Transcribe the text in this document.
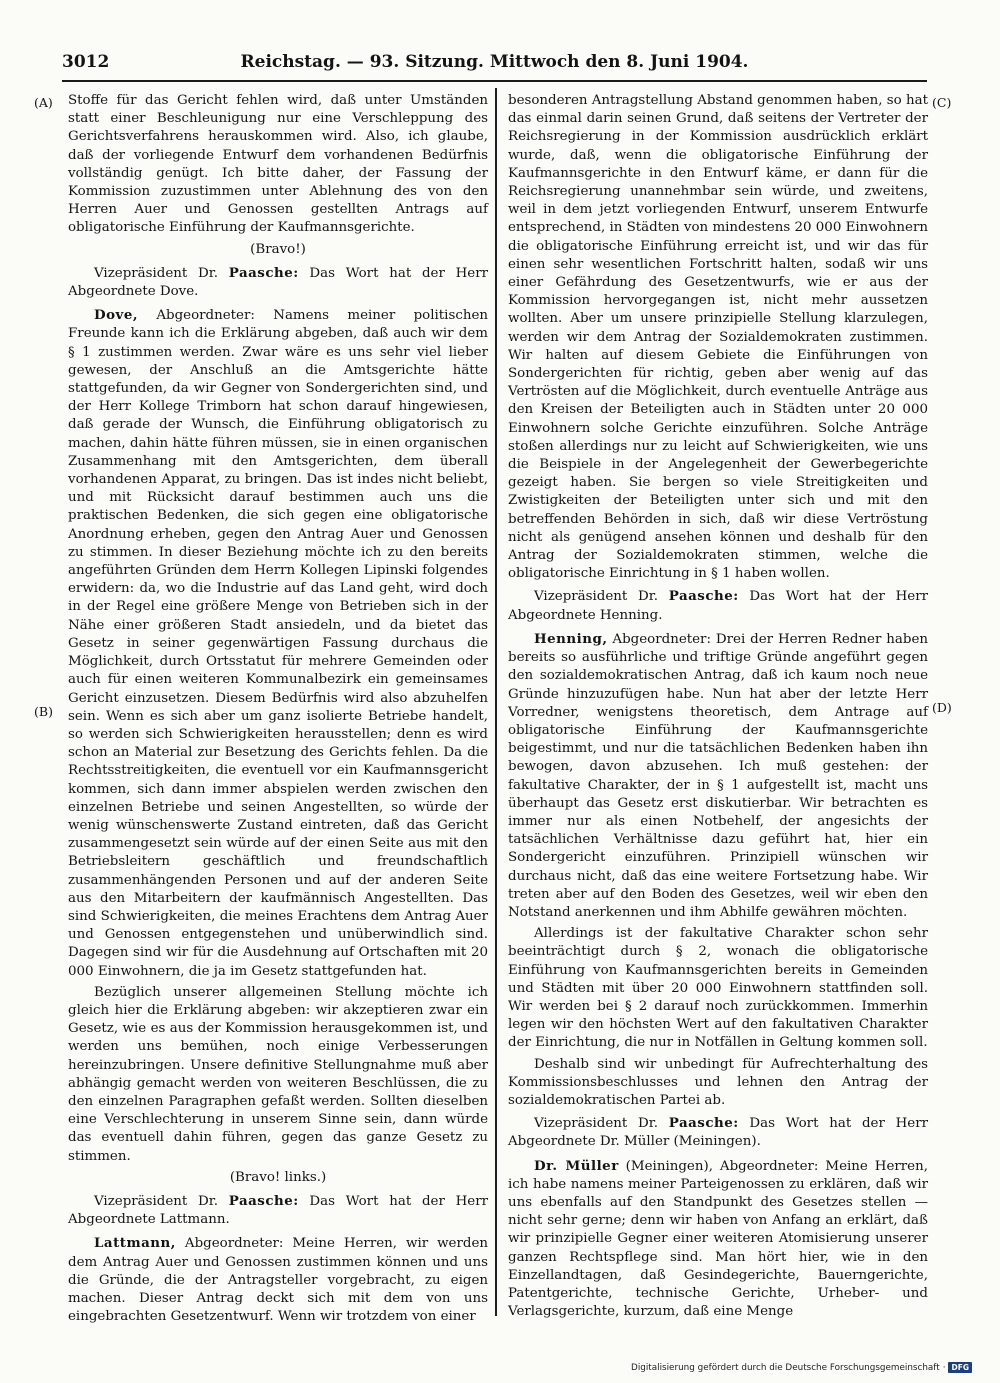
3012	Reichstag. — 93. Sitzung. Mittwoch den 8. Juni 1904.
(A)
(B)
(C)
(D)

Stoffe für das Gericht fehlen wird, daß unter Umständen statt einer Beschleunigung nur eine Verschleppung des Gerichtsverfahrens herauskommen wird. Also, ich glaube, daß der vorliegende Entwurf dem vorhandenen Bedürfnis vollständig genügt. Ich bitte daher, der Fassung der Kommission zuzustimmen unter Ablehnung des von den Herren Auer und Genossen gestellten Antrags auf obligatorische Einführung der Kaufmannsgerichte.

(Bravo!)

Vizepräsident Dr. Paasche: Das Wort hat der Herr Abgeordnete Dove.

Dove, Abgeordneter: Namens meiner politischen Freunde kann ich die Erklärung abgeben, daß auch wir dem § 1 zustimmen werden. Zwar wäre es uns sehr viel lieber gewesen, der Anschluß an die Amtsgerichte hätte stattgefunden, da wir Gegner von Sondergerichten sind, und der Herr Kollege Trimborn hat schon darauf hingewiesen, daß gerade der Wunsch, die Einführung obligatorisch zu machen, dahin hätte führen müssen, sie in einen organischen Zusammenhang mit den Amtsgerichten, dem überall vorhandenen Apparat, zu bringen. Das ist indes nicht beliebt, und mit Rücksicht darauf bestimmen auch uns die praktischen Bedenken, die sich gegen eine obligatorische Anordnung erheben, gegen den Antrag Auer und Genossen zu stimmen. In dieser Beziehung möchte ich zu den bereits angeführten Gründen dem Herrn Kollegen Lipinski folgendes erwidern: da, wo die Industrie auf das Land geht, wird doch in der Regel eine größere Menge von Betrieben sich in der Nähe einer größeren Stadt ansiedeln, und da bietet das Gesetz in seiner gegenwärtigen Fassung durchaus die Möglichkeit, durch Ortsstatut für mehrere Gemeinden oder auch für einen weiteren Kommunalbezirk ein gemeinsames Gericht einzusetzen. Diesem Bedürfnis wird also abzuhelfen sein. Wenn es sich aber um ganz isolierte Betriebe handelt, so werden sich Schwierigkeiten herausstellen; denn es wird schon an Material zur Besetzung des Gerichts fehlen. Da die Rechtsstreitigkeiten, die eventuell vor ein Kaufmannsgericht kommen, sich dann immer abspielen werden zwischen den einzelnen Betriebe und seinen Angestellten, so würde der wenig wünschenswerte Zustand eintreten, daß das Gericht zusammengesetzt sein würde auf der einen Seite aus mit den Betriebsleitern geschäftlich und freundschaftlich zusammenhängenden Personen und auf der anderen Seite aus den Mitarbeitern der kaufmännisch Angestellten. Das sind Schwierigkeiten, die meines Erachtens dem Antrag Auer und Genossen entgegenstehen und unüberwindlich sind. Dagegen sind wir für die Ausdehnung auf Ortschaften mit 20 000 Einwohnern, die ja im Gesetz stattgefunden hat.

Bezüglich unserer allgemeinen Stellung möchte ich gleich hier die Erklärung abgeben: wir akzeptieren zwar ein Gesetz, wie es aus der Kommission herausgekommen ist, und werden uns bemühen, noch einige Verbesserungen hereinzubringen. Unsere definitive Stellungnahme muß aber abhängig gemacht werden von weiteren Beschlüssen, die zu den einzelnen Paragraphen gefaßt werden. Sollten dieselben eine Verschlechterung in unserem Sinne sein, dann würde das eventuell dahin führen, gegen das ganze Gesetz zu stimmen.

(Bravo! links.)

Vizepräsident Dr. Paasche: Das Wort hat der Herr Abgeordnete Lattmann.

Lattmann, Abgeordneter: Meine Herren, wir werden dem Antrag Auer und Genossen zustimmen können und uns die Gründe, die der Antragsteller vorgebracht, zu eigen machen. Dieser Antrag deckt sich mit dem von uns eingebrachten Gesetzentwurf. Wenn wir trotzdem von einer

besonderen Antragstellung Abstand genommen haben, so hat das einmal darin seinen Grund, daß seitens der Vertreter der Reichsregierung in der Kommission ausdrücklich erklärt wurde, daß, wenn die obligatorische Einführung der Kaufmannsgerichte in den Entwurf käme, er dann für die Reichsregierung unannehmbar sein würde, und zweitens, weil in dem jetzt vorliegenden Entwurf, unserem Entwurfe entsprechend, in Städten von mindestens 20 000 Einwohnern die obligatorische Einführung erreicht ist, und wir das für einen sehr wesentlichen Fortschritt halten, sodaß wir uns einer Gefährdung des Gesetzentwurfs, wie er aus der Kommission hervorgegangen ist, nicht mehr aussetzen wollten. Aber um unsere prinzipielle Stellung klarzulegen, werden wir dem Antrag der Sozialdemokraten zustimmen. Wir halten auf diesem Gebiete die Einführungen von Sondergerichten für richtig, geben aber wenig auf das Vertrösten auf die Möglichkeit, durch eventuelle Anträge aus den Kreisen der Beteiligten auch in Städten unter 20 000 Einwohnern solche Gerichte einzuführen. Solche Anträge stoßen allerdings nur zu leicht auf Schwierigkeiten, wie uns die Beispiele in der Angelegenheit der Gewerbegerichte gezeigt haben. Sie bergen so viele Streitigkeiten und Zwistigkeiten der Beteiligten unter sich und mit den betreffenden Behörden in sich, daß wir diese Vertröstung nicht als genügend ansehen können und deshalb für den Antrag der Sozialdemokraten stimmen, welche die obligatorische Einrichtung in § 1 haben wollen.

Vizepräsident Dr. Paasche: Das Wort hat der Herr Abgeordnete Henning.

Henning, Abgeordneter: Drei der Herren Redner haben bereits so ausführliche und triftige Gründe angeführt gegen den sozialdemokratischen Antrag, daß ich kaum noch neue Gründe hinzuzufügen habe. Nun hat aber der letzte Herr Vorredner, wenigstens theoretisch, dem Antrage auf obligatorische Einführung der Kaufmannsgerichte beigestimmt, und nur die tatsächlichen Bedenken haben ihn bewogen, davon abzusehen. Ich muß gestehen: der fakultative Charakter, der in § 1 aufgestellt ist, macht uns überhaupt das Gesetz erst diskutierbar. Wir betrachten es immer nur als einen Notbehelf, der angesichts der tatsächlichen Verhältnisse dazu geführt hat, hier ein Sondergericht einzuführen. Prinzipiell wünschen wir durchaus nicht, daß das eine weitere Fortsetzung habe. Wir treten aber auf den Boden des Gesetzes, weil wir eben den Notstand anerkennen und ihm Abhilfe gewähren möchten.

Allerdings ist der fakultative Charakter schon sehr beeinträchtigt durch § 2, wonach die obligatorische Einführung von Kaufmannsgerichten bereits in Gemeinden und Städten mit über 20 000 Einwohnern stattfinden soll. Wir werden bei § 2 darauf noch zurückkommen. Immerhin legen wir den höchsten Wert auf den fakultativen Charakter der Einrichtung, die nur in Notfällen in Geltung kommen soll.

Deshalb sind wir unbedingt für Aufrechterhaltung des Kommissionsbeschlusses und lehnen den Antrag der sozialdemokratischen Partei ab.

Vizepräsident Dr. Paasche: Das Wort hat der Herr Abgeordnete Dr. Müller (Meiningen).

Dr. Müller (Meiningen), Abgeordneter: Meine Herren, ich habe namens meiner Parteigenossen zu erklären, daß wir uns ebenfalls auf den Standpunkt des Gesetzes stellen — nicht sehr gerne; denn wir haben von Anfang an erklärt, daß wir prinzipielle Gegner einer weiteren Atomisierung unserer ganzen Rechtspflege sind. Man hört hier, wie in den Einzellandtagen, daß Gesindegerichte, Bauerngerichte, Patentgerichte, technische Gerichte, Urheber- und Verlagsgerichte, kurzum, daß eine Menge

Digitalisierung gefördert durch die Deutsche Forschungsgemeinschaft · DFG
